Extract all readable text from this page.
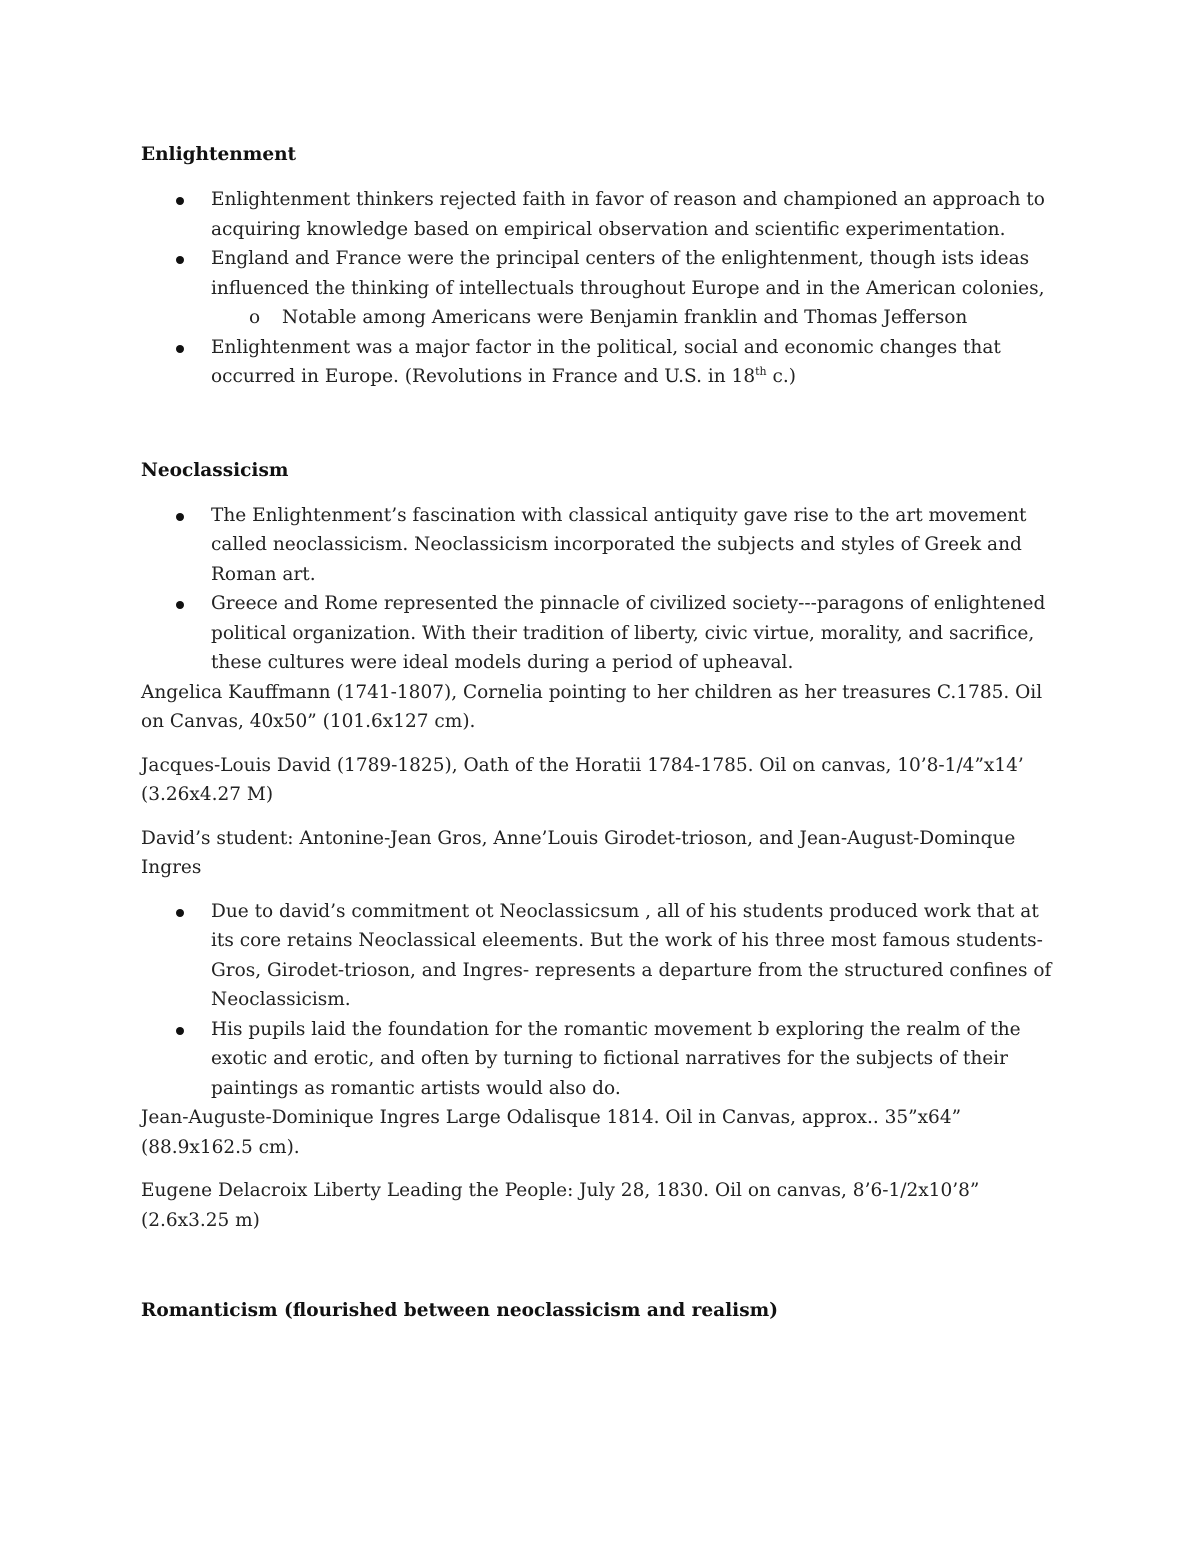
Enlightenment
Enlightenment thinkers rejected faith in favor of reason and championed an approach to acquiring knowledge based on empirical observation and scientific experimentation.
England and France were the principal centers of the enlightenment, though ists ideas influenced the thinking of intellectuals throughout Europe and in the American colonies,
o Notable among Americans were Benjamin franklin and Thomas Jefferson
Enlightenment was a major factor in the political, social and economic changes that occurred in Europe. (Revolutions in France and U.S. in 18th c.)
Neoclassicism
The Enlightenment’s fascination with classical antiquity gave rise to the art movement called neoclassicism. Neoclassicism incorporated the subjects and styles of Greek and Roman art.
Greece and Rome represented the pinnacle of civilized society---paragons of enlightened political organization. With their tradition of liberty, civic virtue, morality, and sacrifice, these cultures were ideal models during a period of upheaval.

Angelica Kauffmann (1741-1807), Cornelia pointing to her children as her treasures C.1785. Oil on Canvas, 40x50” (101.6x127 cm).

Jacques-Louis David (1789-1825), Oath of the Horatii 1784-1785. Oil on canvas, 10’8-1/4”x14’ (3.26x4.27 M)

David’s student: Antonine-Jean Gros, Anne’Louis Girodet-trioson, and Jean-August-Dominque Ingres

Due to david’s commitment ot Neoclassicsum , all of his students produced work that at its core retains Neoclassical eleements. But the work of his three most famous students- Gros, Girodet-trioson, and Ingres- represents a departure from the structured confines of Neoclassicism.
His pupils laid the foundation for the romantic movement b exploring the realm of the exotic and erotic, and often by turning to fictional narratives for the subjects of their paintings as romantic artists would also do.

Jean-Auguste-Dominique Ingres Large Odalisque 1814. Oil in Canvas, approx.. 35”x64” (88.9x162.5 cm).

Eugene Delacroix Liberty Leading the People: July 28, 1830. Oil on canvas, 8’6-1/2x10’8” (2.6x3.25 m)

Romanticism (flourished between neoclassicism and realism)
